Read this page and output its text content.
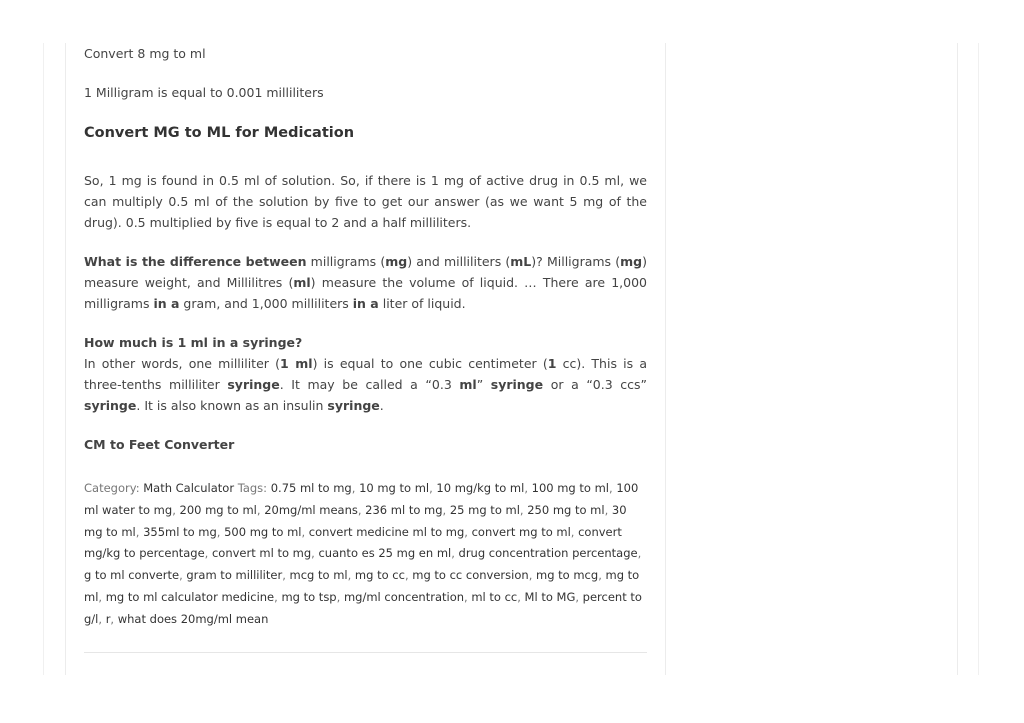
Convert 8 mg to ml

1 Milligram is equal to 0.001 milliliters

Convert MG to ML for Medication

So, 1 mg is found in 0.5 ml of solution. So, if there is 1 mg of active drug in 0.5 ml, we can multiply 0.5 ml of the solution by five to get our answer (as we want 5 mg of the drug). 0.5 multiplied by five is equal to 2 and a half milliliters.

What is the difference between milligrams (mg) and milliliters (mL)? Milligrams (mg) measure weight, and Millilitres (ml) measure the volume of liquid. … There are 1,000 milligrams in a gram, and 1,000 milliliters in a liter of liquid.

How much is 1 ml in a syringe?
In other words, one milliliter (1 ml) is equal to one cubic centimeter (1 cc). This is a three-tenths milliliter syringe. It may be called a “0.3 ml” syringe or a “0.3 ccs” syringe. It is also known as an insulin syringe.

CM to Feet Converter

Category: Math Calculator Tags: 0.75 ml to mg, 10 mg to ml, 10 mg/kg to ml, 100 mg to ml, 100 ml water to mg, 200 mg to ml, 20mg/ml means, 236 ml to mg, 25 mg to ml, 250 mg to ml, 30 mg to ml, 355ml to mg, 500 mg to ml, convert medicine ml to mg, convert mg to ml, convert mg/kg to percentage, convert ml to mg, cuanto es 25 mg en ml, drug concentration percentage, g to ml converte, gram to milliliter, mcg to ml, mg to cc, mg to cc conversion, mg to mcg, mg to ml, mg to ml calculator medicine, mg to tsp, mg/ml concentration, ml to cc, Ml to MG, percent to g/l, r, what does 20mg/ml mean
